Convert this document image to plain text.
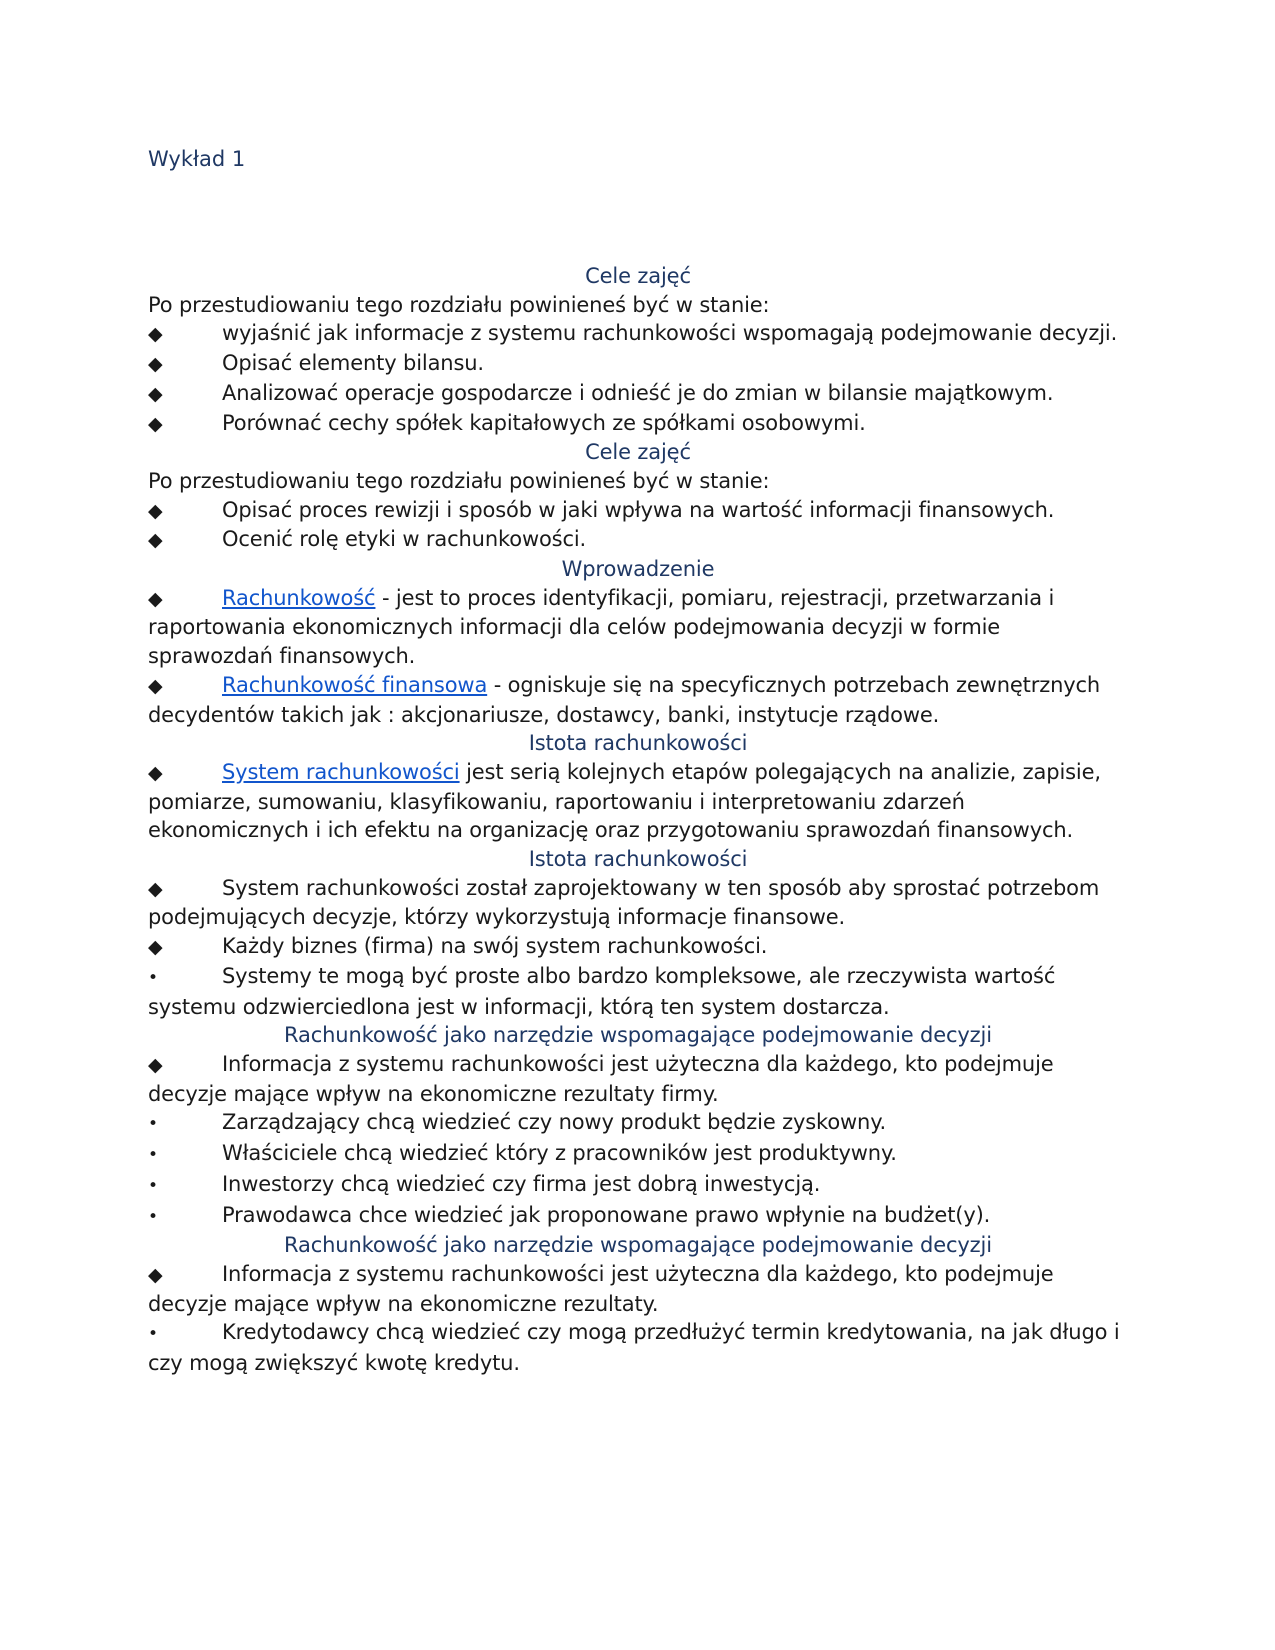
Wykład 1

Cele zajęć

Po przestudiowaniu tego rozdziału powinieneś być w stanie:

◆	wyjaśnić jak informacje z systemu rachunkowości wspomagają podejmowanie decyzji.

◆	Opisać elementy bilansu.

◆	Analizować operacje gospodarcze i odnieść je do zmian w bilansie majątkowym.

◆	Porównać cechy spółek kapitałowych ze spółkami osobowymi.

Cele zajęć

Po przestudiowaniu tego rozdziału powinieneś być w stanie:

◆	Opisać proces rewizji i sposób w jaki wpływa na wartość informacji finansowych.

◆	Ocenić rolę etyki w rachunkowości.

Wprowadzenie

◆	Rachunkowość - jest to proces identyfikacji, pomiaru, rejestracji, przetwarzania i raportowania ekonomicznych informacji dla celów podejmowania decyzji w formie sprawozdań finansowych.

◆	Rachunkowość finansowa - ogniskuje się na specyficznych potrzebach zewnętrznych decydentów takich jak : akcjonariusze, dostawcy, banki, instytucje rządowe.

Istota rachunkowości

◆	System rachunkowości jest serią kolejnych etapów polegających na analizie, zapisie, pomiarze, sumowaniu, klasyfikowaniu, raportowaniu i interpretowaniu zdarzeń ekonomicznych i ich efektu na organizację oraz przygotowaniu sprawozdań finansowych.

Istota rachunkowości

◆	System rachunkowości został zaprojektowany w ten sposób aby sprostać potrzebom podejmujących decyzje, którzy wykorzystują informacje finansowe.

◆	Każdy biznes (firma) na swój system rachunkowości.

•	Systemy te mogą być proste albo bardzo kompleksowe, ale rzeczywista wartość systemu odzwierciedlona jest w informacji, którą ten system dostarcza.

Rachunkowość jako narzędzie wspomagające podejmowanie decyzji

◆	Informacja z systemu rachunkowości jest użyteczna dla każdego, kto podejmuje decyzje mające wpływ na ekonomiczne rezultaty firmy.

•	Zarządzający chcą wiedzieć czy nowy produkt będzie zyskowny.

•	Właściciele chcą wiedzieć który z pracowników jest produktywny.

•	Inwestorzy chcą wiedzieć czy firma jest dobrą inwestycją.

•	Prawodawca chce wiedzieć jak proponowane prawo wpłynie na budżet(y).

Rachunkowość jako narzędzie wspomagające podejmowanie decyzji

◆	Informacja z systemu rachunkowości jest użyteczna dla każdego, kto podejmuje decyzje mające wpływ na ekonomiczne rezultaty.

•	Kredytodawcy chcą wiedzieć czy mogą przedłużyć termin kredytowania, na jak długo i czy mogą zwiększyć kwotę kredytu.
